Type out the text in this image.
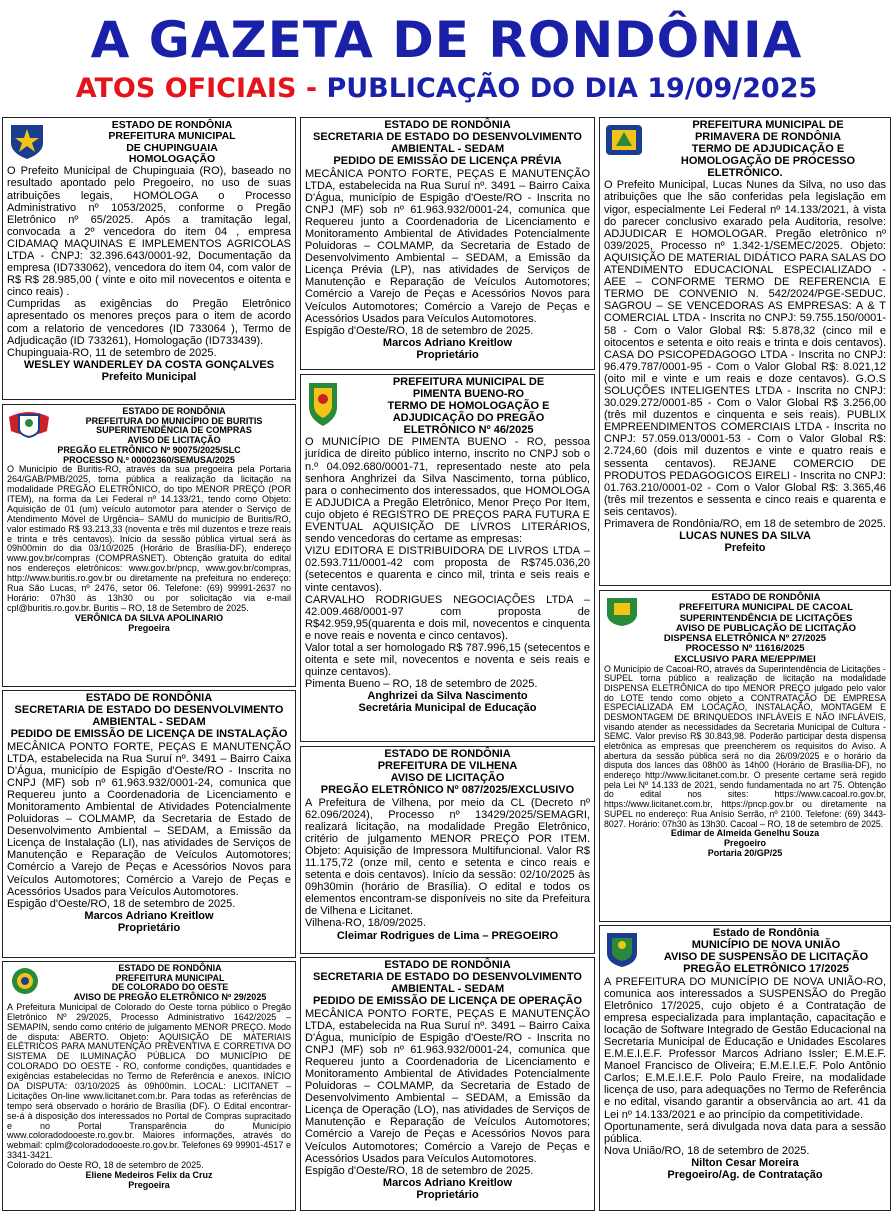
A GAZETA DE RONDÔNIA
ATOS OFICIAIS - PUBLICAÇÃO DO DIA 19/09/2025
ESTADO DE RONDÔNIA
PREFEITURA MUNICIPAL
DE CHUPINGUAIA
HOMOLOGAÇÃO
O Prefeito Municipal de Chupinguaia (RO), baseado no resultado apontado pelo Pregoeiro, no uso de suas atribuições legais, HOMOLOGA o Processo Administrativo nº 1053/2025, conforme o Pregão Eletrônico nº 65/2025. Após a tramitação legal, convocada a 2º vencedora do item 04 , empresa CIDAMAQ MAQUINAS E IMPLEMENTOS AGRICOLAS LTDA - CNPJ: 32.396.643/0001-92, Documentação da empresa (ID733062), vencedora do item 04, com valor de R$ R$ 28.985,00 ( vinte e oito mil novecentos e oitenta e cinco reais) .
Cumpridas as exigências do Pregão Eletrônico apresentado os menores preços para o item de acordo com a relatorio de vencedores (ID 733064 ), Termo de Adjudicação (ID 733261), Homologação (ID733439).
Chupinguaia-RO, 11 de setembro de 2025.
WESLEY WANDERLEY DA COSTA GONÇALVES
Prefeito Municipal
ESTADO DE RONDÔNIA
PREFEITURA DO MUNICÍPIO DE BURITIS
SUPERINTENDÊNCIA DE COMPRAS
AVISO DE LICITAÇÃO
PREGÃO ELETRÔNICO Nº 90075/2025/SLC
PROCESSO N.º 00002360/SEMUSA/2025
O Município de Buritis-RO, através da sua pregoeira pela Portaria 264/GAB/PMB/2025, torna pública a realização da licitação na modalidade PREGÃO ELETRÔNICO, do tipo MENOR PREÇO (POR ITEM), na forma da Lei Federal nº 14.133/21, tendo como Objeto: Aquisição de 01 (um) veículo automotor para atender o Serviço de Atendimento Móvel de Urgência– SAMU do município de Buritis/RO, valor estimado R$ 93.213,33 (noventa e três mil duzentos e treze reais e trinta e três centavos). Início da sessão pública virtual será às 09h00min do dia 03/10/2025 (Horário de Brasília-DF), endereço www.gov.br/compras (COMPRASNET). Obtenção gratuita do edital nos endereços eletrônicos: www.gov.br/pncp, www.gov.br/compras, http://www.buritis.ro.gov.br ou diretamente na prefeitura no endereço: Rua São Lucas, nº 2476, setor 06. Telefone: (69) 99991-2637 no Horário: 07h30 às 13h30 ou por solicitação via e-mail cpl@buritis.ro.gov.br. Buritis – RO, 18 de Setembro de 2025.
VERÔNICA DA SILVA APOLINARIO
Pregoeira
ESTADO DE RONDÔNIA
SECRETARIA DE ESTADO DO DESENVOLVIMENTO AMBIENTAL - SEDAM
PEDIDO DE EMISSÃO DE LICENÇA DE INSTALAÇÃO
MECÂNICA PONTO FORTE, PEÇAS E MANUTENÇÃO LTDA, estabelecida na Rua Suruí nº. 3491 – Bairro Caixa D'Água, município de Espigão d'Oeste/RO - Inscrita no CNPJ (MF) sob nº 61.963.932/0001-24, comunica que Requereu junto a Coordenadoria de Licenciamento e Monitoramento Ambiental de Atividades Potencialmente Poluidoras – COLMAMP, da Secretaria de Estado de Desenvolvimento Ambiental – SEDAM, a Emissão da Licença de Instalação (LI), nas atividades de Serviços de Manutenção e Reparação de Veículos Automotores; Comércio a Varejo de Peças e Acessórios Novos para Veículos Automotores; Comércio a Varejo de Peças e Acessórios Usados para Veículos Automotores.
Espigão d'Oeste/RO, 18 de setembro de 2025.
Marcos Adriano Kreitlow
Proprietário
ESTADO DE RONDÔNIA
PREFEITURA MUNICIPAL
DE COLORADO DO OESTE
AVISO DE PREGÃO ELETRÔNICO Nº 29/2025
A Prefeitura Municipal de Colorado do Oeste torna público o Pregão Eletrônico Nº 29/2025, Processo Administrativo 1642/2025 – SEMAPIN, sendo como critério de julgamento MENOR PREÇO. Modo de disputa: ABERTO. Objeto: AQUISIÇÃO DE MATERIAIS ELÉTRICOS PARA MANUTENÇÃO PREVENTIVA E CORRETIVA DO SISTEMA DE ILUMINAÇÃO PÚBLICA DO MUNICÍPIO DE COLORADO DO OESTE - RO, conforme condições, quantidades e exigências estabelecidas no Termo de Referência e anexos. INÍCIO DA DISPUTA: 03/10/2025 às 09h00min. LOCAL: LICITANET – Licitações On-line www.licitanet.com.br. Para todas as referências de tempo será observado o horário de Brasília (DF). O Edital encontrar-se-á à disposição dos interessados no Portal de Compras supracitado e no Portal Transparência do Município www.coloradodooeste.ro.gov.br. Maiores informações, através do webmail: cplm@coloradodooeste.ro.gov.br. Telefones 69 99901-4517 e 3341-3421.
Colorado do Oeste RO, 18 de setembro de 2025.
Eliene Medeiros Felix da Cruz
Pregoeira
ESTADO DE RONDÔNIA
SECRETARIA DE ESTADO DO DESENVOLVIMENTO AMBIENTAL - SEDAM
PEDIDO DE EMISSÃO DE LICENÇA PRÉVIA
MECÂNICA PONTO FORTE, PEÇAS E MANUTENÇÃO LTDA, estabelecida na Rua Suruí nº. 3491 – Bairro Caixa D'Água, município de Espigão d'Oeste/RO - Inscrita no CNPJ (MF) sob nº 61.963.932/0001-24, comunica que Requereu junto a Coordenadoria de Licenciamento e Monitoramento Ambiental de Atividades Potencialmente Poluidoras – COLMAMP, da Secretaria de Estado de Desenvolvimento Ambiental – SEDAM, a Emissão da Licença Prévia (LP), nas atividades de Serviços de Manutenção e Reparação de Veículos Automotores; Comércio a Varejo de Peças e Acessórios Novos para Veículos Automotores; Comércio a Varejo de Peças e Acessórios Usados para Veículos Automotores.
Espigão d'Oeste/RO, 18 de setembro de 2025.
Marcos Adriano Kreitlow
Proprietário
PREFEITURA MUNICIPAL DE
PIMENTA BUENO-RO
TERMO DE HOMOLOGAÇÃO E
ADJUDICAÇÃO DO PREGÃO
ELETRÔNICO Nº 46/2025
O MUNICÍPIO DE PIMENTA BUENO - RO, pessoa jurídica de direito público interno, inscrito no CNPJ sob o n.º 04.092.680/0001-71, representado neste ato pela senhora Anghrizei da Silva Nascimento, torna público, para o conhecimento dos interessados, que HOMOLOGA E ADJUDICA a Pregão Eletrônico, Menor Preço Por Item, cujo objeto é REGISTRO DE PREÇOS PARA FUTURA E EVENTUAL AQUISIÇÃO DE LIVROS LITERÁRIOS, sendo vencedoras do certame as empresas:
VIZU EDITORA E DISTRIBUIDORA DE LIVROS LTDA – 02.593.711/0001-42 com proposta de R$745.036,20 (setecentos e quarenta e cinco mil, trinta e seis reais e vinte centavos).
CARVALHO RODRIGUES NEGOCIAÇÕES LTDA – 42.009.468/0001-97 com proposta de R$42.959,95(quarenta e dois mil, novecentos e cinquenta e nove reais e noventa e cinco centavos).
Valor total a ser homologado R$ 787.996,15 (setecentos e oitenta e sete mil, novecentos e noventa e seis reais e quinze centavos).
Pimenta Bueno – RO, 18 de setembro de 2025.
Anghrizei da Silva Nascimento
Secretária Municipal de Educação
ESTADO DE RONDÔNIA
PREFEITURA DE VILHENA
AVISO DE LICITAÇÃO
PREGÃO ELETRÔNICO Nº 087/2025/EXCLUSIVO
A Prefeitura de Vilhena, por meio da CL (Decreto nº 62.096/2024), Processo nº 13429/2025/SEMAGRI, realizará licitação, na modalidade Pregão Eletrônico, critério de julgamento MENOR PREÇO POR ITEM. Objeto: Aquisição de Impressora Multifuncional. Valor R$ 11.175,72 (onze mil, cento e setenta e cinco reais e setenta e dois centavos). Início da sessão: 02/10/2025 às 09h30min (horário de Brasília). O edital e todos os elementos encontram-se disponíveis no site da Prefeitura de Vilhena e Licitanet.
Vilhena-RO, 18/09/2025.
Cleimar Rodrigues de Lima – PREGOEIRO
ESTADO DE RONDÔNIA
SECRETARIA DE ESTADO DO DESENVOLVIMENTO AMBIENTAL - SEDAM
PEDIDO DE EMISSÃO DE LICENÇA DE OPERAÇÃO
MECÂNICA PONTO FORTE, PEÇAS E MANUTENÇÃO LTDA, estabelecida na Rua Suruí nº. 3491 – Bairro Caixa D'Água, município de Espigão d'Oeste/RO - Inscrita no CNPJ (MF) sob nº 61.963.932/0001-24, comunica que Requereu junto a Coordenadoria de Licenciamento e Monitoramento Ambiental de Atividades Potencialmente Poluidoras – COLMAMP, da Secretaria de Estado de Desenvolvimento Ambiental – SEDAM, a Emissão da Licença de Operação (LO), nas atividades de Serviços de Manutenção e Reparação de Veículos Automotores; Comércio a Varejo de Peças e Acessórios Novos para Veículos Automotores; Comércio a Varejo de Peças e Acessórios Usados para Veículos Automotores.
Espigão d'Oeste/RO, 18 de setembro de 2025.
Marcos Adriano Kreitlow
Proprietário
PREFEITURA MUNICIPAL DE
PRIMAVERA DE RONDÔNIA
TERMO DE ADJUDICAÇÃO E
HOMOLOGAÇÃO DE PROCESSO ELETRÔNICO.
O Prefeito Municipal, Lucas Nunes da Silva, no uso das atribuições que lhe são conferidas pela legislação em vigor, especialmente Lei Federal nº 14.133/2021, à vista do parecer conclusivo exarado pela Auditoria, resolve: ADJUDICAR E HOMOLOGAR. Pregão eletrônico nº 039/2025, Processo nº 1.342-1/SEMEC/2025. Objeto: AQUISIÇÃO DE MATERIAL DIDÁTICO PARA SALAS DO ATENDIMENTO EDUCACIONAL ESPECIALIZADO - AEE – CONFORME TERMO DE REFERENCIA E TERMO DE CONVENIO N. 542/2024/PGE-SEDUC. SAGROU – SE VENCEDORAS AS EMPRESAS: A & T COMERCIAL LTDA - Inscrita no CNPJ: 59.755.150/0001-58 - Com o Valor Global R$: 5.878,32 (cinco mil e oitocentos e setenta e oito reais e trinta e dois centavos). CASA DO PSICOPEDAGOGO LTDA - Inscrita no CNPJ: 96.479.787/0001-95 - Com o Valor Global R$: 8.021,12 (oito mil e vinte e um reais e doze centavos). G.O.S SOLUÇÕES INTELIGENTES LTDA - Inscrita no CNPJ: 30.029.272/0001-85 - Com o Valor Global R$ 3.256,00 (três mil duzentos e cinquenta e seis reais). PUBLIX EMPREENDIMENTOS COMERCIAIS LTDA - Inscrita no CNPJ: 57.059.013/0001-53 - Com o Valor Global R$: 2.724,60 (dois mil duzentos e vinte e quatro reais e sessenta centavos). REJANE COMERCIO DE PRODUTOS PEDAGOGICOS EIRELI - Inscrita no CNPJ: 01.763.210/0001-02 - Com o Valor Global R$: 3.365,46 (três mil trezentos e sessenta e cinco reais e quarenta e seis centavos).
Primavera de Rondônia/RO, em 18 de setembro de 2025.
LUCAS NUNES DA SILVA
Prefeito
ESTADO DE RONDÔNIA
PREFEITURA MUNICIPAL DE CACOAL
SUPERINTENDÊNCIA DE LICITAÇÕES
AVISO DE PUBLICAÇÃO DE LICITAÇÃO
DISPENSA ELETRÔNICA Nº 27/2025
PROCESSO Nº 11616/2025
EXCLUSIVO PARA ME/EPP/MEI
O Município de Cacoal-RO, através da Superintendência de Licitações - SUPEL torna público a realização de licitação na modalidade DISPENSA ELETRÔNICA do tipo MENOR PREÇO julgado pelo valor do LOTE tendo como objeto a CONTRATAÇÃO DE EMPRESA ESPECIALIZADA EM LOCAÇÃO, INSTALAÇÃO, MONTAGEM E DESMONTAGEM DE BRINQUEDOS INFLÁVEIS E NÃO INFLÁVEIS, visando atender as necessidades da Secretaria Municipal de Cultura - SEMC. Valor previso R$ 30.843,98. Poderão participar desta dispensa eletrônica as empresas que preencherem os requisitos do Aviso. A abertura da sessão pública será no dia 26/09/2025 e o horário da disputa dos lances das 08h00 às 14h00 (Horário de Brasília-DF), no endereço http://www.licitanet.com.br. O presente certame será regido pela Lei Nº 14.133 de 2021, sendo fundamentada no art 75. Obtenção do edital nos sites: https://www.cacoal.ro.gov.br, https://www.licitanet.com.br, https://pncp.gov.br ou diretamente na SUPEL no endereço: Rua Anísio Serrão, nº 2100. Telefone: (69) 3443-8027. Horário: 07h30 às 13h30. Cacoal – RO, 18 de setembro de 2025.
Edimar de Almeida Genelhu Souza
Pregoeiro
Portaria 20/GP/25
Estado de Rondônia
MUNICÍPIO DE NOVA UNIÃO
AVISO DE SUSPENSÃO DE LICITAÇÃO
PREGÃO ELETRÔNICO 17/2025
A PREFEITURA DO MUNICÍPIO DE NOVA UNIÃO-RO, comunica aos interessados a SUSPENSÃO do Pregão Eletrônico 17/2025, cujo objeto é a Contratação de empresa especializada para implantação, capacitação e locação de Software Integrado de Gestão Educacional na Secretaria Municipal de Educação e Unidades Escolares E.M.E.I.E.F. Professor Marcos Adriano Issler; E.M.E.F. Manoel Francisco de Oliveira; E.M.E.I.E.F. Polo Antônio Carlos; E.M.E.I.E.F. Polo Paulo Freire, na modalidade licença de uso, para adequações no Termo de Referência e no edital, visando garantir a observância ao art. 41 da Lei nº 14.133/2021 e ao princípio da competitividade.
Oportunamente, será divulgada nova data para a sessão pública.
Nova União/RO, 18 de setembro de 2025.
Nilton Cesar Moreira
Pregoeiro/Ag. de Contratação
